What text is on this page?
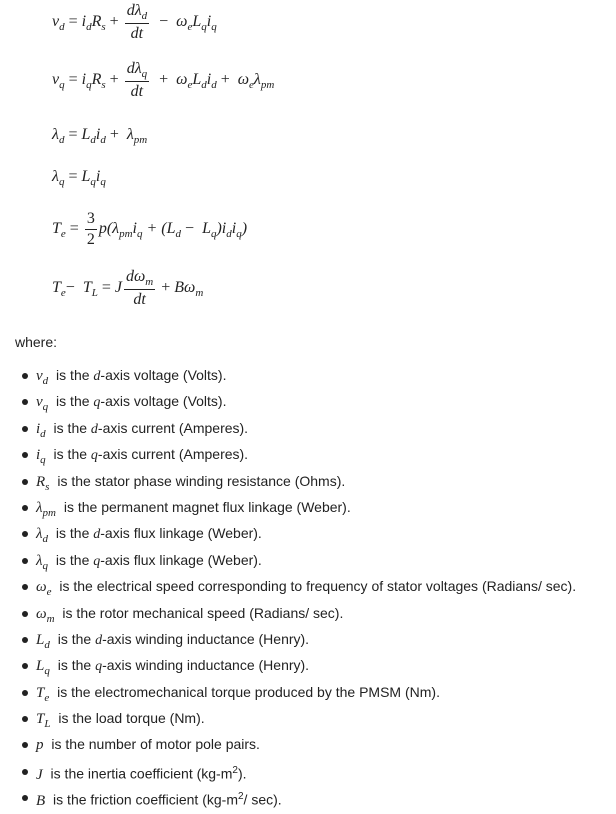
$v_d = i_dR_s + \frac{d\lambda_d}{dt} - \omega_eL_qi_q$
$v_q = i_qR_s + \frac{d\lambda_q}{dt} + \omega_eL_di_d + \omega_e\lambda_{pm}$
$\lambda_d = L_di_d + \lambda_{pm}$
$\lambda_q = L_qi_q$
$T_e = \frac{3}{2} p(\lambda_{pm}i_q + (L_d - L_q)i_di_q)$
$T_e- T_L = J \frac{d\omega_m}{dt} + B\omega_m$
where:
$v_d$ is the d-axis voltage (Volts).
$v_q$ is the q-axis voltage (Volts).
$i_d$ is the d-axis current (Amperes).
$i_q$ is the q-axis current (Amperes).
$R_s$ is the stator phase winding resistance (Ohms).
$\lambda_{pm}$ is the permanent magnet flux linkage (Weber).
$\lambda_d$ is the d-axis flux linkage (Weber).
$\lambda_q$ is the q-axis flux linkage (Weber).
$\omega_e$ is the electrical speed corresponding to frequency of stator voltages (Radians/ sec).
$\omega_m$ is the rotor mechanical speed (Radians/ sec).
$L_d$ is the d-axis winding inductance (Henry).
$L_q$ is the q-axis winding inductance (Henry).
$T_e$ is the electromechanical torque produced by the PMSM (Nm).
$T_L$ is the load torque (Nm).
p is the number of motor pole pairs.
J is the inertia coefficient $(kg-m^2)$.
B is the friction coefficient ($kg-m^2/$ sec).
